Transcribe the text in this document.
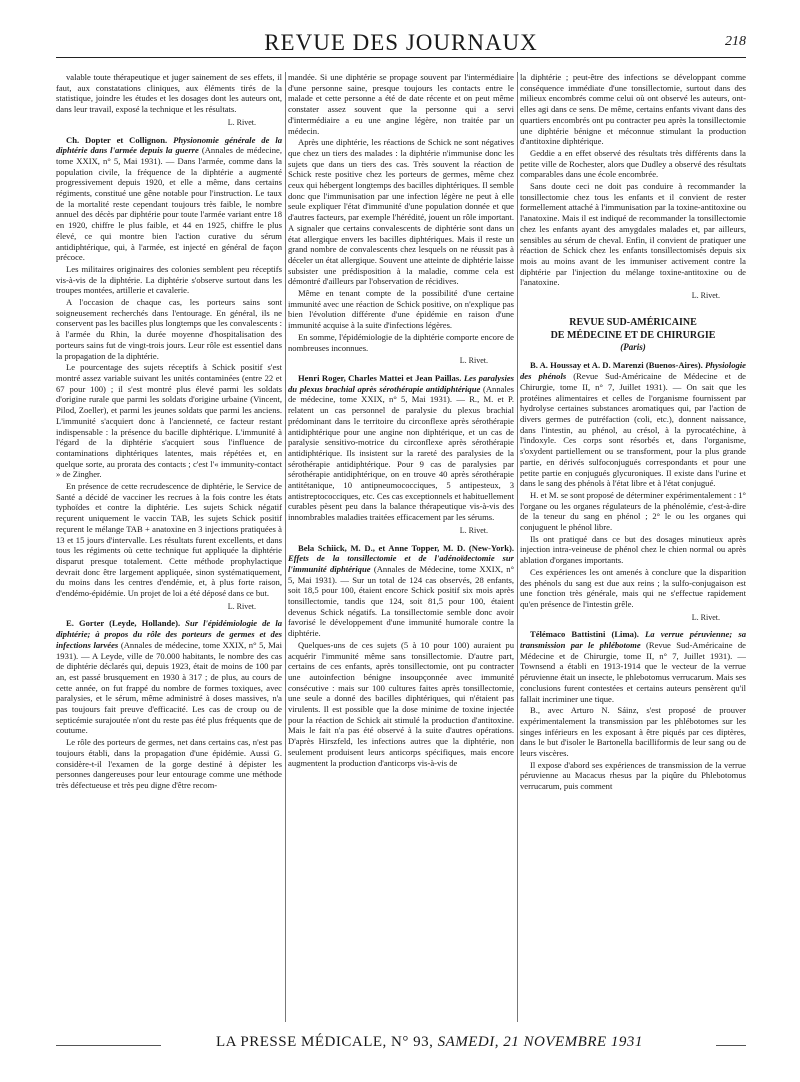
REVUE DES JOURNAUX	218

valable toute thérapeutique et juger sainement de ses effets, il faut, aux constatations cliniques, aux éléments tirés de la statistique, joindre les études et les dosages dont les auteurs ont, dans leur travail, exposé la technique et les résultats.

L. Rivet.

Ch. Dopter et Collignon. Physionomie générale de la diphtérie dans l'armée depuis la guerre (Annales de médecine, tome XXIX, n° 5, Mai 1931). — Dans l'armée, comme dans la population civile, la fréquence de la diphtérie a augmenté progressivement depuis 1920, et elle a même, dans certains régiments, constitué une gêne notable pour l'instruction. Le taux de la mortalité reste cependant toujours très faible, le nombre annuel des décès par diphtérie pour toute l'armée variant entre 18 en 1920, chiffre le plus faible, et 44 en 1925, chiffre le plus élevé, ce qui montre bien l'action curative du sérum antidiphtérique, qui, à l'armée, est injecté en général de façon précoce.

Les militaires originaires des colonies semblent peu réceptifs vis-à-vis de la diphtérie. La diphtérie s'observe surtout dans les troupes montées, artillerie et cavalerie.

A l'occasion de chaque cas, les porteurs sains sont soigneusement recherchés dans l'entourage. En général, ils ne conservent pas les bacilles plus longtemps que les convalescents : à l'armée du Rhin, la durée moyenne d'hospitalisation des porteurs sains fut de vingt-trois jours. Leur rôle est essentiel dans la propagation de la diphtérie.

Le pourcentage des sujets réceptifs à Schick positif s'est montré assez variable suivant les unités contaminées (entre 22 et 67 pour 100) ; il s'est montré plus élevé parmi les soldats d'origine rurale que parmi les soldats d'origine urbaine (Vincent, Pilod, Zoeller), et parmi les jeunes soldats que parmi les anciens. L'immunité s'acquiert donc à l'ancienneté, ce facteur restant indispensable : la présence du bacille diphtérique. L'immunité à l'égard de la diphtérie s'acquiert sous l'influence de contaminations diphtériques latentes, mais répétées et, en quelque sorte, au prorata des contacts ; c'est l'« immunity-contact » de Zingher.

En présence de cette recrudescence de diphtérie, le Service de Santé a décidé de vacciner les recrues à la fois contre les états typhoïdes et contre la diphtérie. Les sujets Schick négatif reçurent uniquement le vaccin TAB, les sujets Schick positif reçurent le mélange TAB + anatoxine en 3 injections pratiquées à 13 et 15 jours d'intervalle. Les résultats furent excellents, et dans tous les régiments où cette technique fut appliquée la diphtérie disparut presque totalement. Cette méthode prophylactique devrait donc être largement appliquée, sinon systématiquement, du moins dans les centres d'endémie, et, à plus forte raison, d'endémo-épidémie. Un projet de loi a été déposé dans ce but.

L. Rivet.

E. Gorter (Leyde, Hollande). Sur l'épidémiologie de la diphtérie; à propos du rôle des porteurs de germes et des infections larvées (Annales de médecine, tome XXIX, n° 5, Mai 1931). — A Leyde, ville de 70.000 habitants, le nombre des cas de diphtérie déclarés qui, depuis 1923, était de moins de 100 par an, est passé brusquement en 1930 à 317 ; de plus, au cours de cette année, on fut frappé du nombre de formes toxiques, avec paralysies, et le sérum, même administré à doses massives, n'a pas toujours fait preuve d'efficacité. Les cas de croup ou de septicémie surajoutée n'ont du reste pas été plus fréquents que de coutume.

Le rôle des porteurs de germes, net dans certains cas, n'est pas toujours établi, dans la propagation d'une épidémie. Aussi G. considère-t-il l'examen de la gorge destiné à dépister les personnes dangereuses pour leur entourage comme une méthode très défectueuse et très peu digne d'être recom-

mandée. Si une diphtérie se propage souvent par l'intermédiaire d'une personne saine, presque toujours les contacts entre le malade et cette personne a été de date récente et on peut même constater assez souvent que la personne qui a servi d'intermédiaire a eu une angine légère, non traitée par un médecin.

Après une diphtérie, les réactions de Schick ne sont négatives que chez un tiers des malades : la diphtérie n'immunise donc les sujets que dans un tiers des cas. Très souvent la réaction de Schick reste positive chez les porteurs de germes, même chez ceux qui hébergent longtemps des bacilles diphtériques. Il semble donc que l'immunisation par une infection légère ne peut à elle seule expliquer l'état d'immunité d'une population donnée et que d'autres facteurs, par exemple l'hérédité, jouent un rôle important. A signaler que certains convalescents de diphtérie sont dans un état allergique envers les bacilles diphtériques. Mais il reste un grand nombre de convalescents chez lesquels on ne réussit pas à déceler un état allergique. Souvent une atteinte de diphtérie laisse subsister une prédisposition à la maladie, comme cela est démontré d'ailleurs par l'observation de récidives.

Même en tenant compte de la possibilité d'une certaine immunité avec une réaction de Schick positive, on n'explique pas bien l'évolution différente d'une épidémie en raison d'une immunité acquise à la suite d'infections légères.

En somme, l'épidémiologie de la diphtérie comporte encore de nombreuses inconnues.

L. Rivet.

Henri Roger, Charles Mattei et Jean Paillas. Les paralysies du plexus brachial après sérothérapie antidiphtérique (Annales de médecine, tome XXIX, n° 5, Mai 1931). — R., M. et P. relatent un cas personnel de paralysie du plexus brachial prédominant dans le territoire du circonflexe après sérothérapie antidiphtérique pour une angine non diphtérique, et un cas de paralysie sensitivo-motrice du circonflexe après sérothérapie antidiphtérique. Ils insistent sur la rareté des paralysies de la sérothérapie antidiphtérique. Pour 9 cas de paralysies par sérothérapie antidiphtérique, on en trouve 40 après sérothérapie antitétanique, 10 antipneumococciques, 5 antipesteux, 3 antistreptococciques, etc. Ces cas exceptionnels et habituellement curables pèsent peu dans la balance thérapeutique vis-à-vis des innombrables maladies traitées efficacement par les sérums.

L. Rivet.

Bela Schiick, M. D., et Anne Topper, M. D. (New-York). Effets de la tonsillectomie et de l'adénoïdectomie sur l'immunité diphtérique (Annales de Médecine, tome XXIX, n° 5, Mai 1931). — Sur un total de 124 cas observés, 28 enfants, soit 18,5 pour 100, étaient encore Schick positif six mois après tonsillectomie, tandis que 124, soit 81,5 pour 100, étaient devenus Schick négatifs. La tonsillectomie semble donc avoir favorisé le développement d'une immunité humorale contre la diphtérie.

Quelques-uns de ces sujets (5 à 10 pour 100) auraient pu acquérir l'immunité même sans tonsillectomie. D'autre part, certains de ces enfants, après tonsillectomie, ont pu contracter une autoinfection bénigne insoupçonnée avec immunité consécutive : mais sur 100 cultures faites après tonsillectomie, une seule a donné des bacilles diphtériques, qui n'étaient pas virulents. Il est possible que la dose minime de toxine injectée pour la réaction de Schick ait stimulé la production d'antitoxine. Mais le fait n'a pas été observé à la suite d'autres opérations. D'après Hirszfeld, les infections autres que la diphtérie, non seulement produisent leurs anticorps spécifiques, mais encore augmentent la production d'anticorps vis-à-vis de

la diphtérie ; peut-être des infections se développant comme conséquence immédiate d'une tonsillectomie, surtout dans des milieux encombrés comme celui où ont observé les auteurs, ont-elles agi dans ce sens. De même, certains enfants vivant dans des quartiers encombrés ont pu contracter peu après la tonsillectomie une diphtérie bénigne et méconnue stimulant la production d'antitoxine diphtérique.

Geddie a en effet observé des résultats très différents dans la petite ville de Rochester, alors que Dudley a observé des résultats comparables dans une école encombrée.

Sans doute ceci ne doit pas conduire à recommander la tonsillectomie chez tous les enfants et il convient de rester formellement attaché à l'immunisation par la toxine-antitoxine ou l'anatoxine. Mais il est indiqué de recommander la tonsillectomie chez les enfants ayant des amygdales malades et, par ailleurs, sensibles au sérum de cheval. Enfin, il convient de pratiquer une réaction de Schick chez les enfants tonsillectomisés depuis six mois au moins avant de les immuniser activement contre la diphtérie par l'injection du mélange toxine-antitoxine ou de l'anatoxine.

L. Rivet.
REVUE SUD-AMÉRICAINE
DE MÉDECINE ET DE CHIRURGIE
(Paris)

B. A. Houssay et A. D. Marenzi (Buenos-Aires). Physiologie des phénols (Revue Sud-Américaine de Médecine et de Chirurgie, tome II, n° 7, Juillet 1931). — On sait que les protéines alimentaires et celles de l'organisme fournissent par hydrolyse certaines substances aromatiques qui, par l'action de divers germes de putréfaction (coli, etc.), donnent naissance, dans l'intestin, au phénol, au crésol, à la pyrocatéchine, à l'indoxyle. Ces corps sont résorbés et, dans l'organisme, s'oxydent partiellement ou se transforment, pour la plus grande partie, en dérivés sulfoconjugués correspondants et pour une petite partie en conjugués glycuroniques. Il existe dans l'urine et dans le sang des phénols à l'état libre et à l'état conjugué.

H. et M. se sont proposé de déterminer expérimentalement : 1° l'organe ou les organes régulateurs de la phénolémie, c'est-à-dire de la teneur du sang en phénol ; 2° le ou les organes qui conjuguent le phénol libre.

Ils ont pratiqué dans ce but des dosages minutieux après injection intra-veineuse de phénol chez le chien normal ou après ablation d'organes importants.

Ces expériences les ont amenés à conclure que la disparition des phénols du sang est due aux reins ; la sulfo-conjugaison est une fonction très générale, mais qui ne s'effectue rapidement qu'en présence de l'intestin grêle.

L. Rivet.

Télémaco Battistini (Lima). La verrue péruvienne; sa transmission par le phlébotome (Revue Sud-Américaine de Médecine et de Chirurgie, tome II, n° 7, Juillet 1931). — Townsend a établi en 1913-1914 que le vecteur de la verrue péruvienne était un insecte, le phlebotomus verrucarum. Mais ses conclusions furent contestées et certains auteurs pensèrent qu'il fallait incriminer une tique.

B., avec Arturo N. Sáinz, s'est proposé de prouver expérimentalement la transmission par les phlébotomes sur les singes inférieurs en les exposant à être piqués par ces diptères, dans le but d'isoler le Bartonella bacilliformis de leur sang ou de leurs viscères.

Il expose d'abord ses expériences de transmission de la verrue péruvienne au Macacus rhesus par la piqûre du Phlebotomus verrucarum, puis comment

LA PRESSE MÉDICALE, N° 93, SAMEDI, 21 NOVEMBRE 1931
